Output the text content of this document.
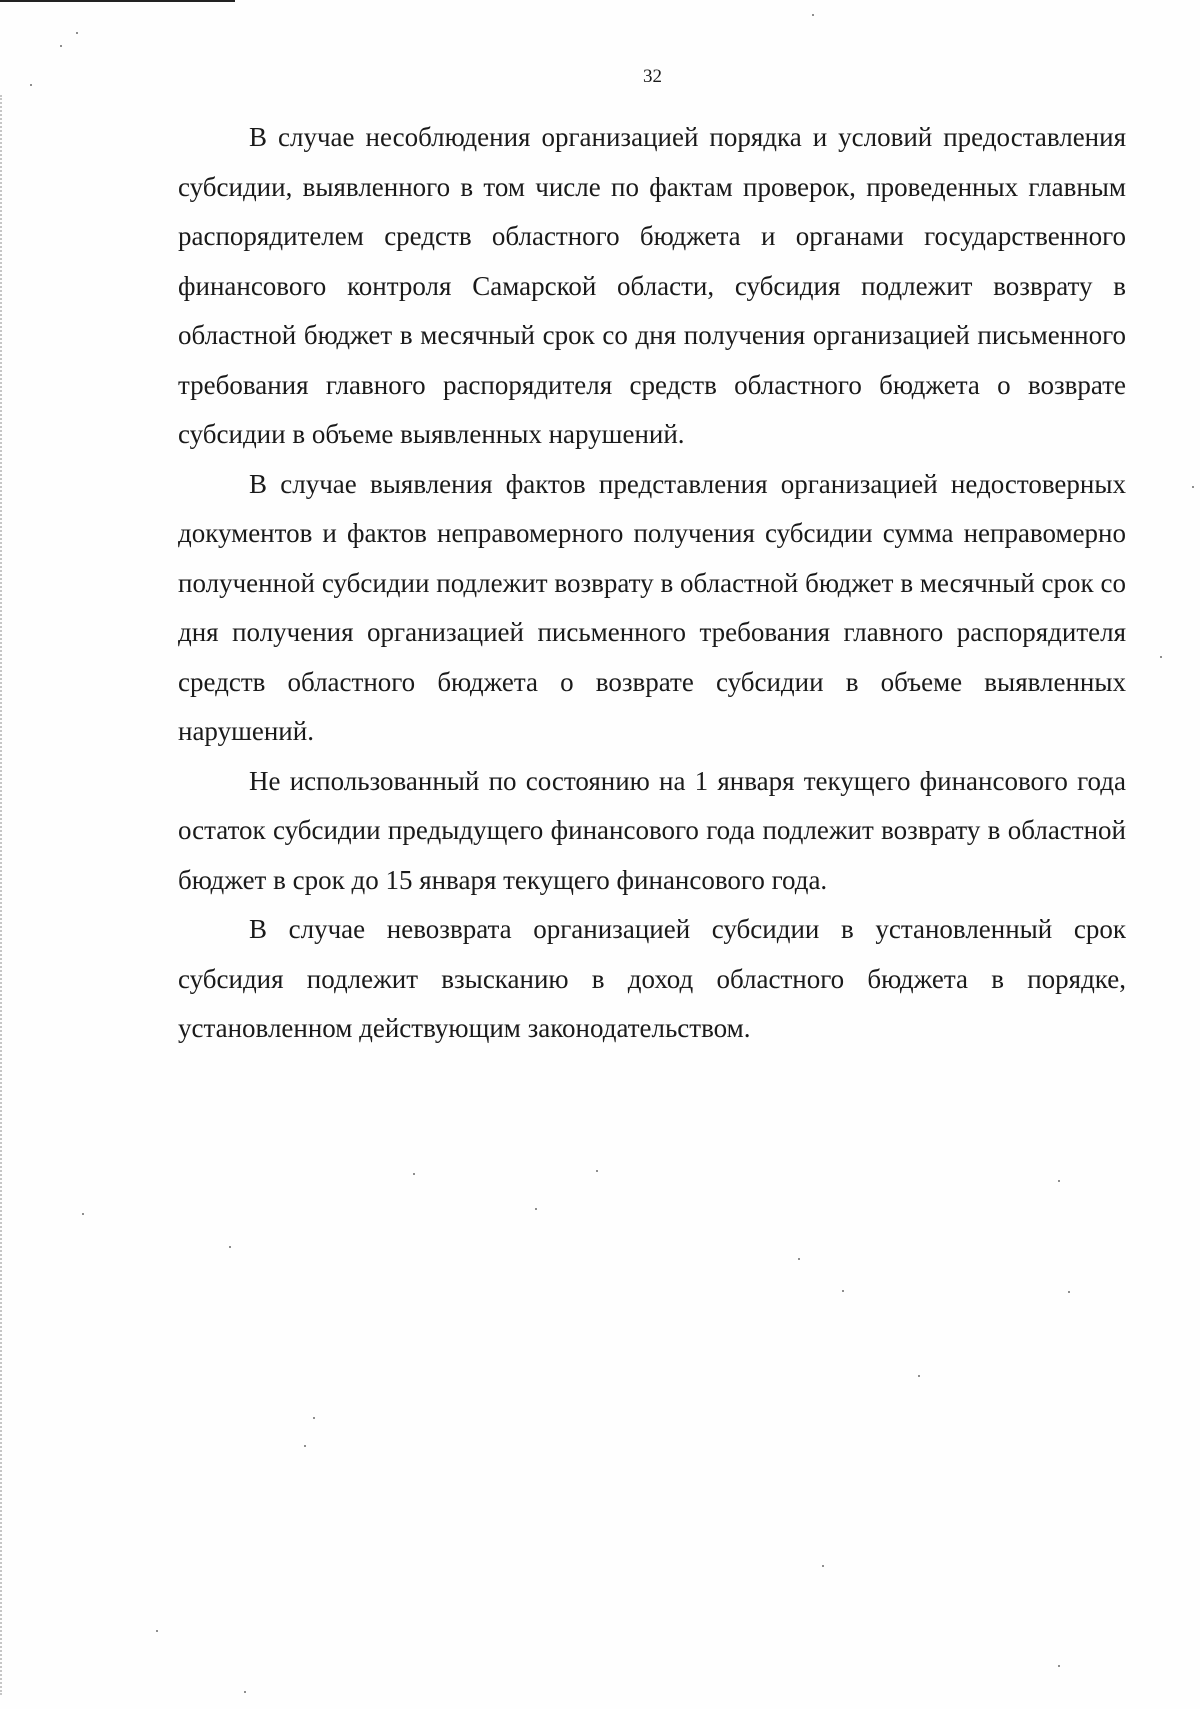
32

В случае несоблюдения организацией порядка и условий предоставления субсидии, выявленного в том числе по фактам проверок, проведенных главным распорядителем средств областного бюджета и органами государственного финансового контроля Самарской области, субсидия подлежит возврату в областной бюджет в месячный срок со дня получения организацией письменного требования главного распорядителя средств областного бюджета о возврате субсидии в объеме выявленных нарушений.

В случае выявления фактов представления организацией недостоверных документов и фактов неправомерного получения субсидии сумма неправомерно полученной субсидии подлежит возврату в областной бюджет в месячный срок со дня получения организацией письменного требования главного распорядителя средств областного бюджета о возврате субсидии в объеме выявленных нарушений.

Не использованный по состоянию на 1 января текущего финансового года остаток субсидии предыдущего финансового года подлежит возврату в областной бюджет в срок до 15 января текущего финансового года.

В случае невозврата организацией субсидии в установленный срок субсидия подлежит взысканию в доход областного бюджета в порядке, установленном действующим законодательством.
